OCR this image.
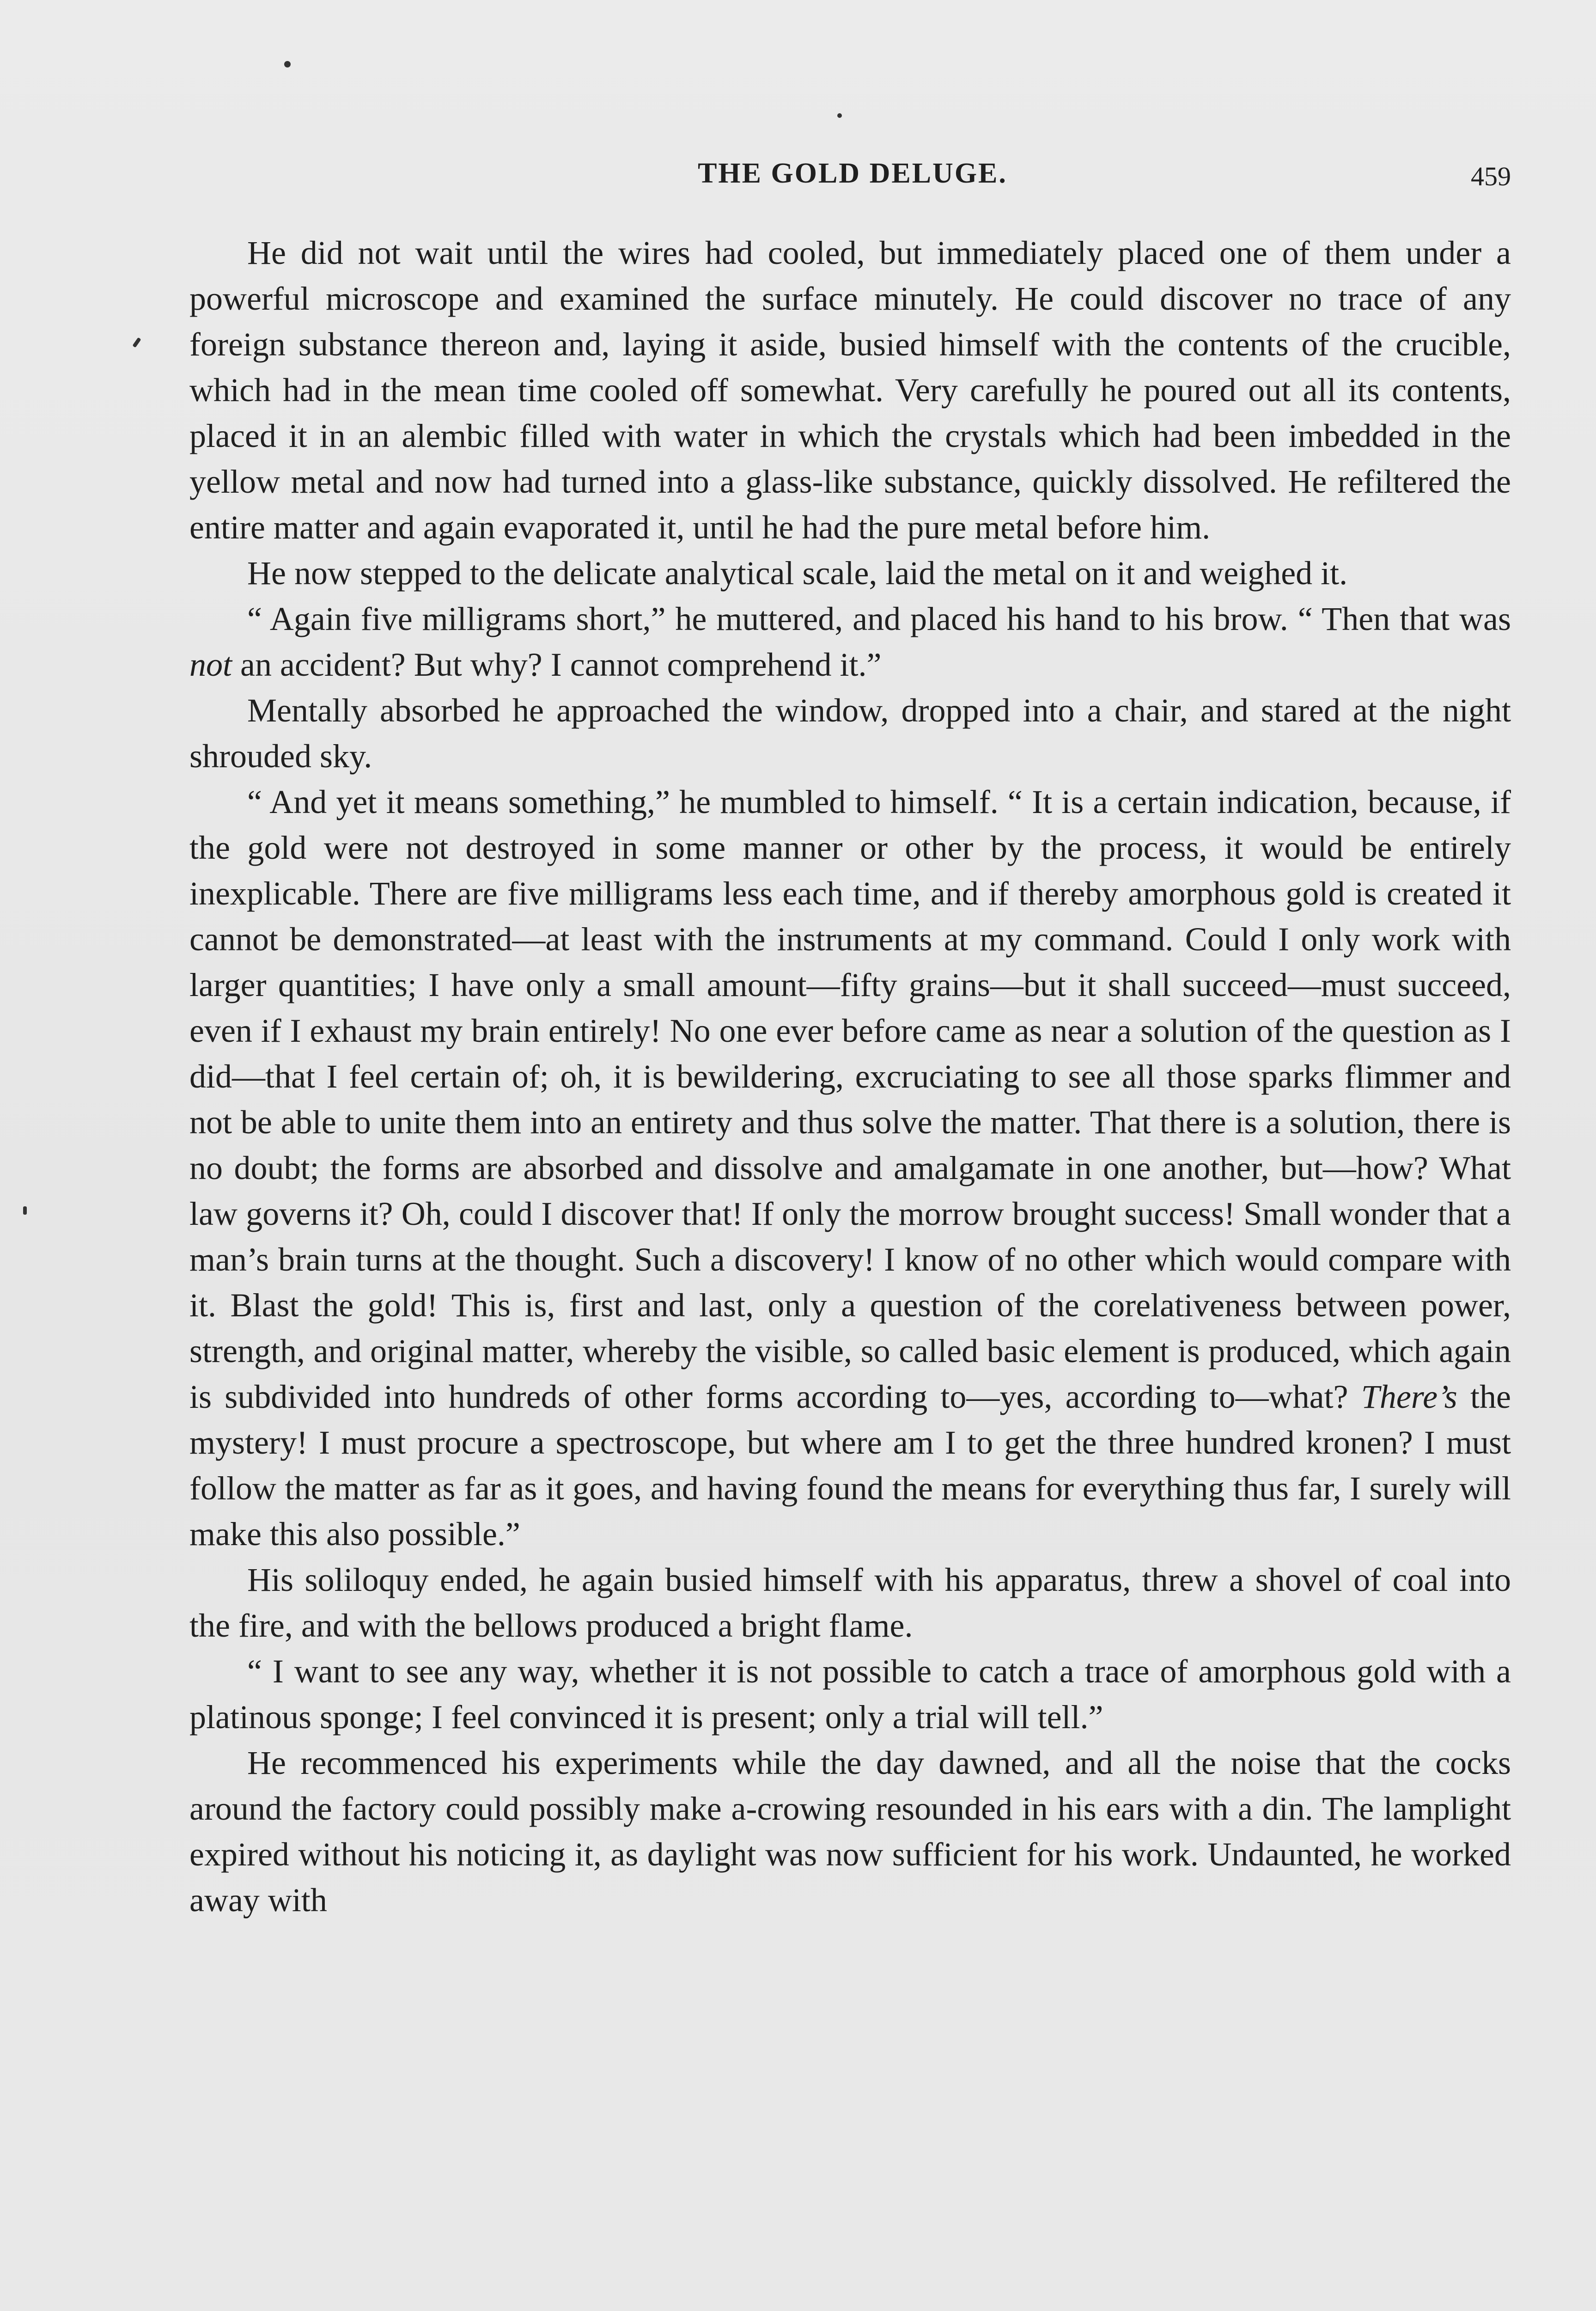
THE GOLD DELUGE.	459

He did not wait until the wires had cooled, but immediately placed one of them under a powerful microscope and examined the surface minutely. He could discover no trace of any foreign substance thereon and, laying it aside, busied himself with the contents of the crucible, which had in the mean time cooled off somewhat. Very carefully he poured out all its contents, placed it in an alembic filled with water in which the crystals which had been imbedded in the yellow metal and now had turned into a glass-like substance, quickly dissolved. He refiltered the entire matter and again evaporated it, until he had the pure metal before him.

He now stepped to the delicate analytical scale, laid the metal on it and weighed it.

“ Again five milligrams short,” he muttered, and placed his hand to his brow. “ Then that was not an accident? But why? I cannot comprehend it.”

Mentally absorbed he approached the window, dropped into a chair, and stared at the night shrouded sky.

“ And yet it means something,” he mumbled to himself. “ It is a certain indication, because, if the gold were not destroyed in some manner or other by the process, it would be entirely inexplicable. There are five milligrams less each time, and if thereby amorphous gold is created it cannot be demonstrated—at least with the instruments at my command. Could I only work with larger quantities; I have only a small amount—fifty grains—but it shall succeed—must succeed, even if I exhaust my brain entirely! No one ever before came as near a solution of the question as I did—that I feel certain of; oh, it is bewildering, excruciating to see all those sparks flimmer and not be able to unite them into an entirety and thus solve the matter. That there is a solution, there is no doubt; the forms are absorbed and dissolve and amalgamate in one another, but—how? What law governs it? Oh, could I discover that! If only the morrow brought success! Small wonder that a man’s brain turns at the thought. Such a discovery! I know of no other which would compare with it. Blast the gold! This is, first and last, only a question of the corelativeness between power, strength, and original matter, whereby the visible, so called basic element is produced, which again is subdivided into hundreds of other forms according to—yes, according to—what? There’s the mystery! I must procure a spectroscope, but where am I to get the three hundred kronen? I must follow the matter as far as it goes, and having found the means for everything thus far, I surely will make this also possible.”

His soliloquy ended, he again busied himself with his apparatus, threw a shovel of coal into the fire, and with the bellows produced a bright flame.

“ I want to see any way, whether it is not possible to catch a trace of amorphous gold with a platinous sponge; I feel convinced it is present; only a trial will tell.”

He recommenced his experiments while the day dawned, and all the noise that the cocks around the factory could possibly make a-crowing resounded in his ears with a din. The lamplight expired without his noticing it, as daylight was now sufficient for his work. Undaunted, he worked away with
